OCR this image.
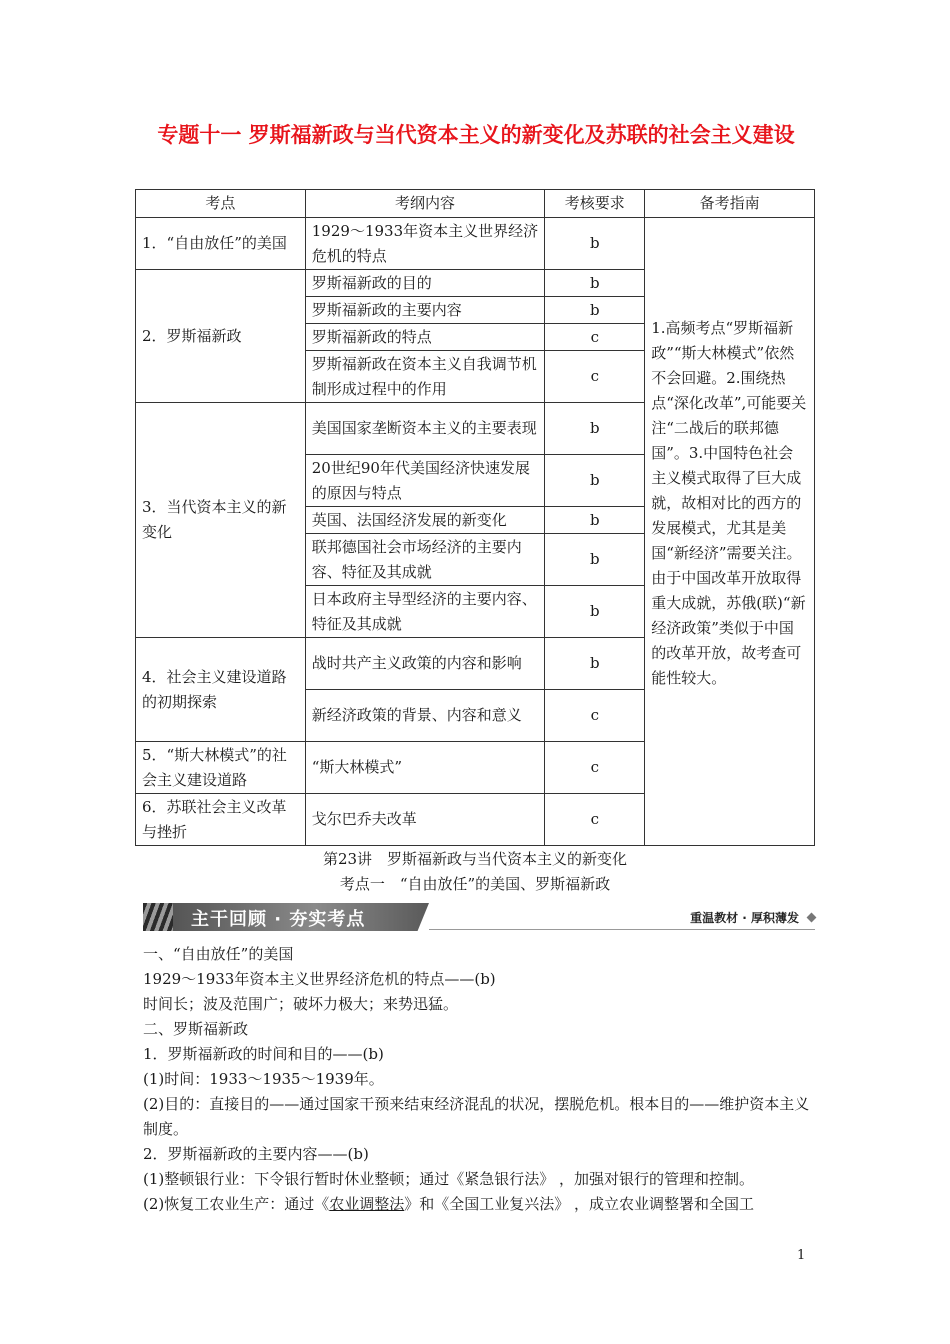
专题十一 罗斯福新政与当代资本主义的新变化及苏联的社会主义建设
考点	考纲内容	考核要求	备考指南
1．“自由放任”的美国	1929～1933年资本主义世界经济危机的特点	b	1.高频考点“罗斯福新政”“斯大林模式”依然不会回避。2.围绕热点“深化改革”,可能要关注“二战后的联邦德国”。3.中国特色社会主义模式取得了巨大成就，故相对比的西方的发展模式，尤其是美国“新经济”需要关注。由于中国改革开放取得重大成就，苏俄(联)“新经济政策”类似于中国的改革开放，故考查可能性较大。
2．罗斯福新政	罗斯福新政的目的	b	
	罗斯福新政的主要内容	b	
	罗斯福新政的特点	c	
	罗斯福新政在资本主义自我调节机制形成过程中的作用	c	
3．当代资本主义的新变化	美国国家垄断资本主义的主要表现	b	
	20世纪90年代美国经济快速发展的原因与特点	b	
	英国、法国经济发展的新变化	b	
	联邦德国社会市场经济的主要内容、特征及其成就	b	
	日本政府主导型经济的主要内容、特征及其成就	b	
4．社会主义建设道路的初期探索	战时共产主义政策的内容和影响	b	
	新经济政策的背景、内容和意义	c	
5．“斯大林模式”的社会主义建设道路	“斯大林模式”	c	
6．苏联社会主义改革与挫折	戈尔巴乔夫改革	c	
第23讲　罗斯福新政与当代资本主义的新变化
考点一　“自由放任”的美国、罗斯福新政
主干回顾 · 夯实考点	重温教材 · 厚积薄发

一、“自由放任”的美国

1929～1933年资本主义世界经济危机的特点——(b)

时间长；波及范围广；破坏力极大；来势迅猛。

二、罗斯福新政

1．罗斯福新政的时间和目的——(b)

(1)时间：1933～1935～1939年。

(2)目的：直接目的——通过国家干预来结束经济混乱的状况，摆脱危机。根本目的——维护资本主义制度。

2．罗斯福新政的主要内容——(b)

(1)整顿银行业：下令银行暂时休业整顿；通过《紧急银行法》 ，加强对银行的管理和控制。

(2)恢复工农业生产：通过《农业调整法》和《全国工业复兴法》 ，成立农业调整署和全国工

1
